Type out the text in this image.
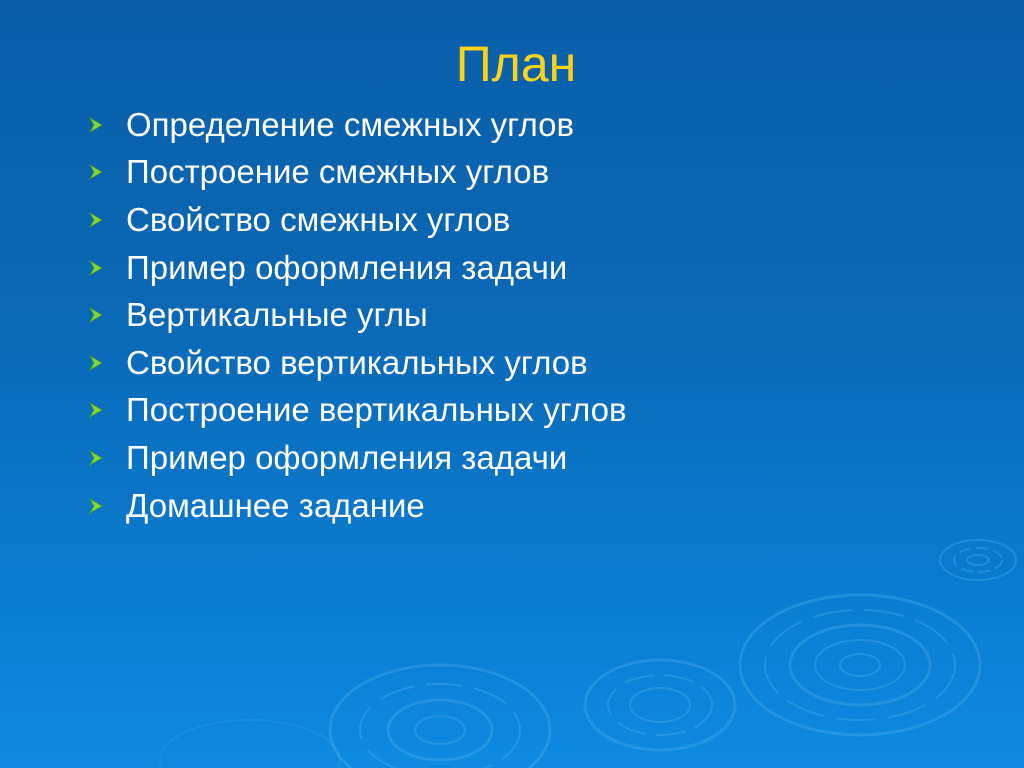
План
Определение смежных углов
Построение смежных углов
Свойство смежных углов
Пример оформления задачи
Вертикальные углы
Свойство вертикальных углов
Построение вертикальных углов
Пример оформления задачи
Домашнее задание
